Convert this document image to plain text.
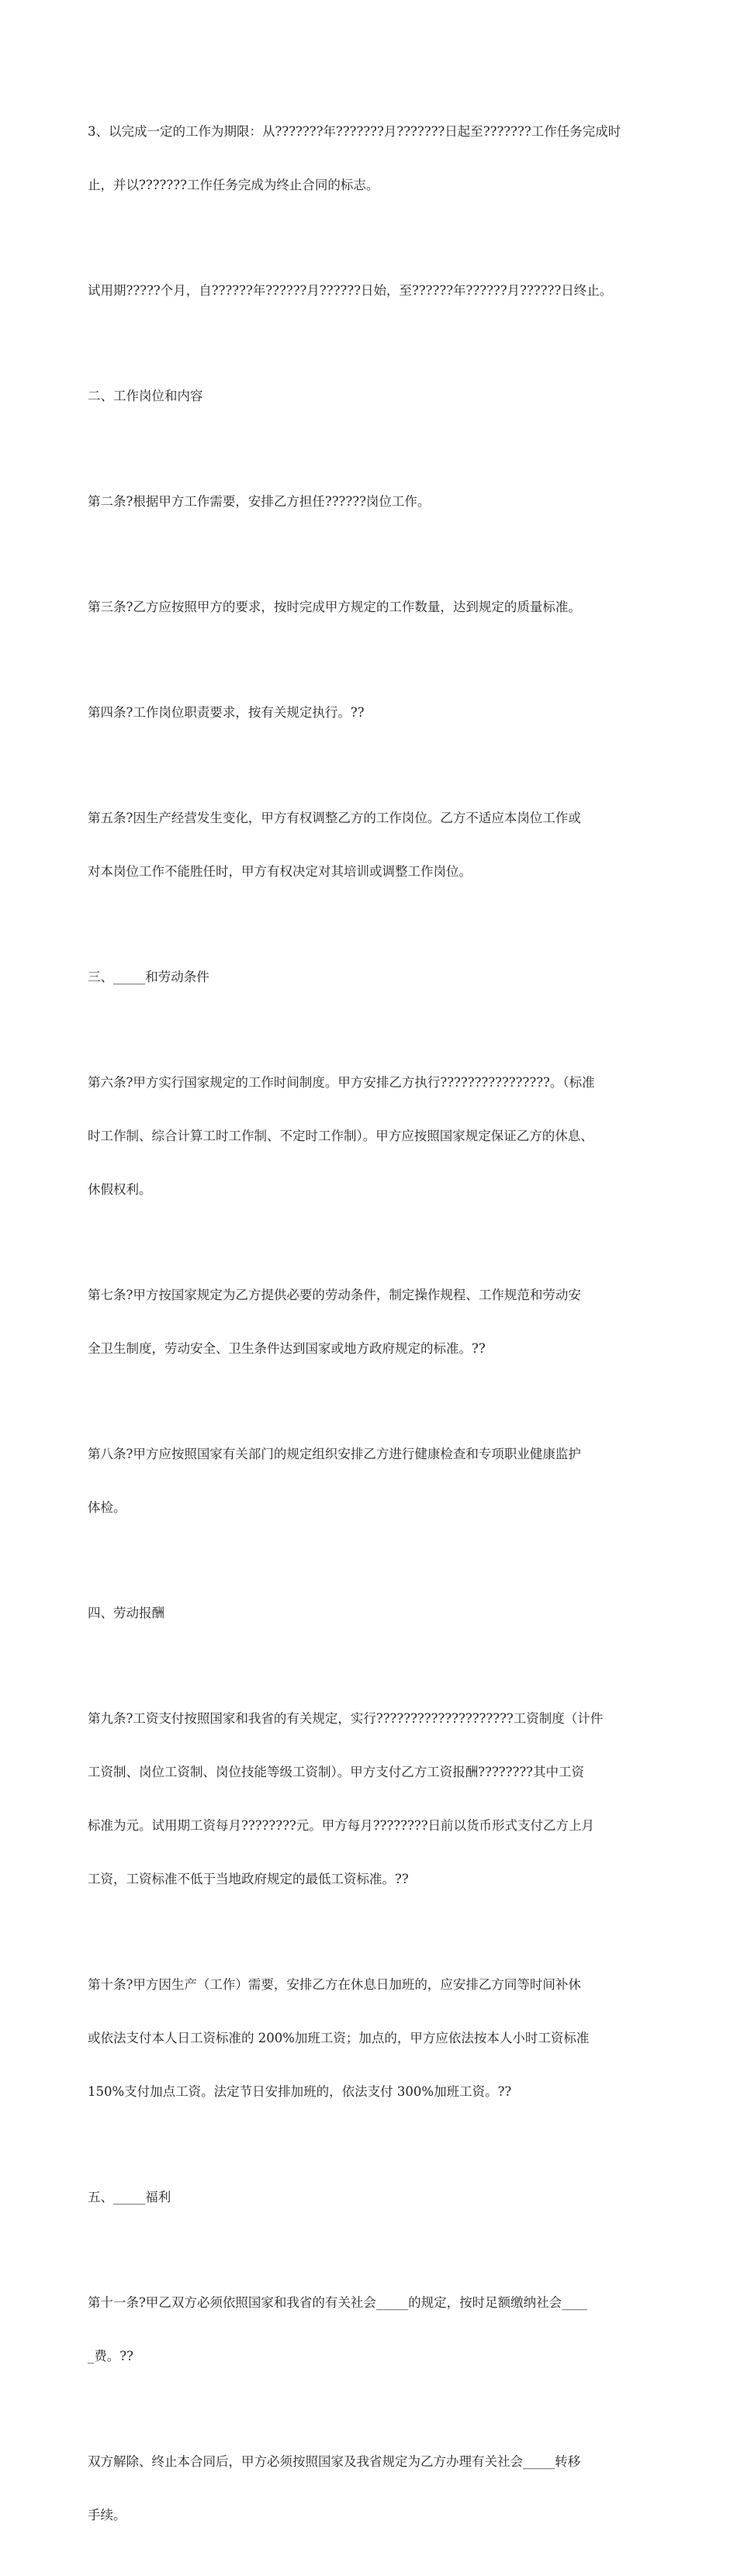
3、以完成一定的工作为期限：从???????年???????月???????日起至???????工作任务完成时

止，并以???????工作任务完成为终止合同的标志。

试用期?????个月，自??????年??????月??????日始，至??????年??????月??????日终止。

二、工作岗位和内容

第二条?根据甲方工作需要，安排乙方担任??????岗位工作。

第三条?乙方应按照甲方的要求，按时完成甲方规定的工作数量，达到规定的质量标准。

第四条?工作岗位职责要求，按有关规定执行。??

第五条?因生产经营发生变化，甲方有权调整乙方的工作岗位。乙方不适应本岗位工作或

对本岗位工作不能胜任时，甲方有权决定对其培训或调整工作岗位。

三、_____和劳动条件

第六条?甲方实行国家规定的工作时间制度。甲方安排乙方执行????????????????。（标准

时工作制、综合计算工时工作制、不定时工作制）。甲方应按照国家规定保证乙方的休息、

休假权利。

第七条?甲方按国家规定为乙方提供必要的劳动条件，制定操作规程、工作规范和劳动安

全卫生制度，劳动安全、卫生条件达到国家或地方政府规定的标准。??

第八条?甲方应按照国家有关部门的规定组织安排乙方进行健康检查和专项职业健康监护

体检。

四、劳动报酬

第九条?工资支付按照国家和我省的有关规定，实行????????????????????工资制度（计件

工资制、岗位工资制、岗位技能等级工资制）。甲方支付乙方工资报酬????????其中工资

标准为元。试用期工资每月????????元。甲方每月????????日前以货币形式支付乙方上月

工资，工资标准不低于当地政府规定的最低工资标准。??

第十条?甲方因生产（工作）需要，安排乙方在休息日加班的，应安排乙方同等时间补休

或依法支付本人日工资标准的 200%加班工资；加点的，甲方应依法按本人小时工资标准

150%支付加点工资。法定节日安排加班的，依法支付 300%加班工资。??

五、_____福利

第十一条?甲乙双方必须依照国家和我省的有关社会_____的规定，按时足额缴纳社会____

_费。??

双方解除、终止本合同后，甲方必须按照国家及我省规定为乙方办理有关社会_____转移

手续。
